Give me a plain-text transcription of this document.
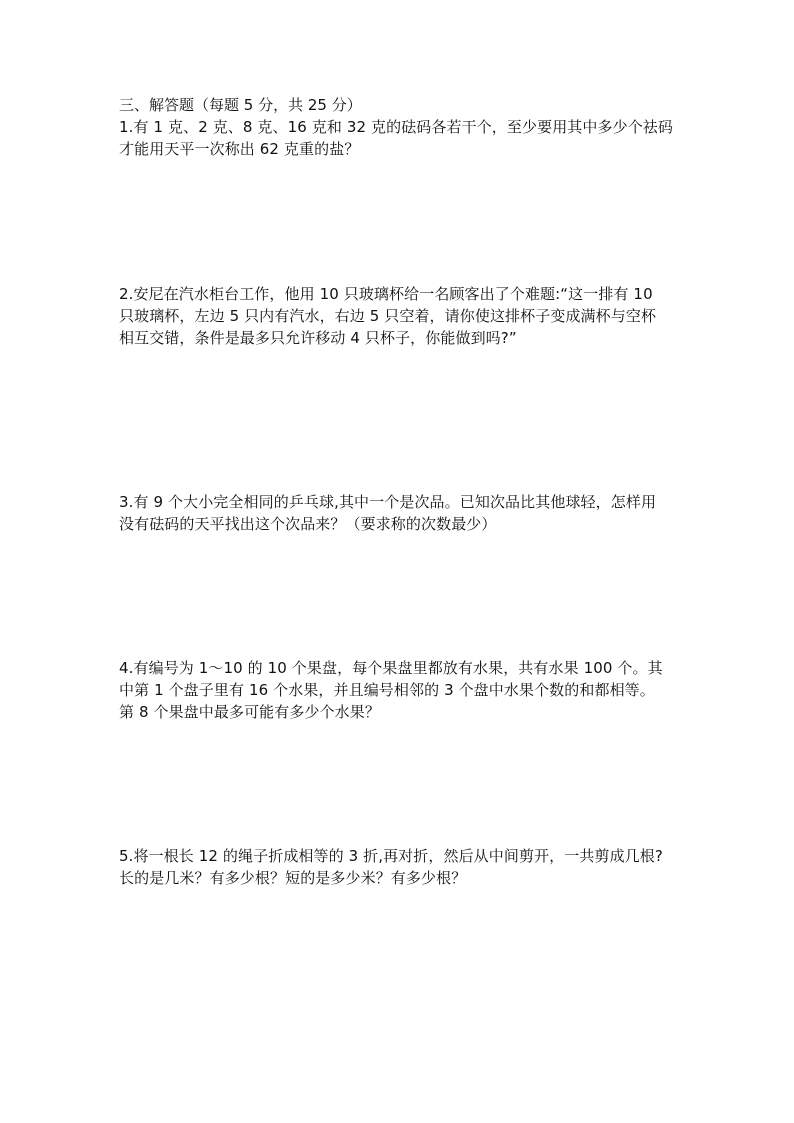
三、解答题（每题 5 分，共 25 分）
1.有 1 克、2 克、8 克、16 克和 32 克的砝码各若干个，至少要用其中多少个祛码
才能用天平一次称出 62 克重的盐？
2.安尼在汽水柜台工作，他用 10 只玻璃杯给一名顾客出了个难题:“这一排有 10
只玻璃杯，左边 5 只内有汽水，右边 5 只空着，请你使这排杯子变成满杯与空杯
相互交错，条件是最多只允许移动 4 只杯子，你能做到吗?”
3.有 9 个大小完全相同的乒乓球,其中一个是次品。已知次品比其他球轻，怎样用
没有砝码的天平找出这个次品来？（要求称的次数最少）
4.有编号为 1～10 的 10 个果盘，每个果盘里都放有水果，共有水果 100 个。其
中第 1 个盘子里有 16 个水果，并且编号相邻的 3 个盘中水果个数的和都相等。
第 8 个果盘中最多可能有多少个水果？
5.将一根长 12 的绳子折成相等的 3 折,再对折，然后从中间剪开，一共剪成几根?
长的是几米？有多少根？短的是多少米？有多少根？
